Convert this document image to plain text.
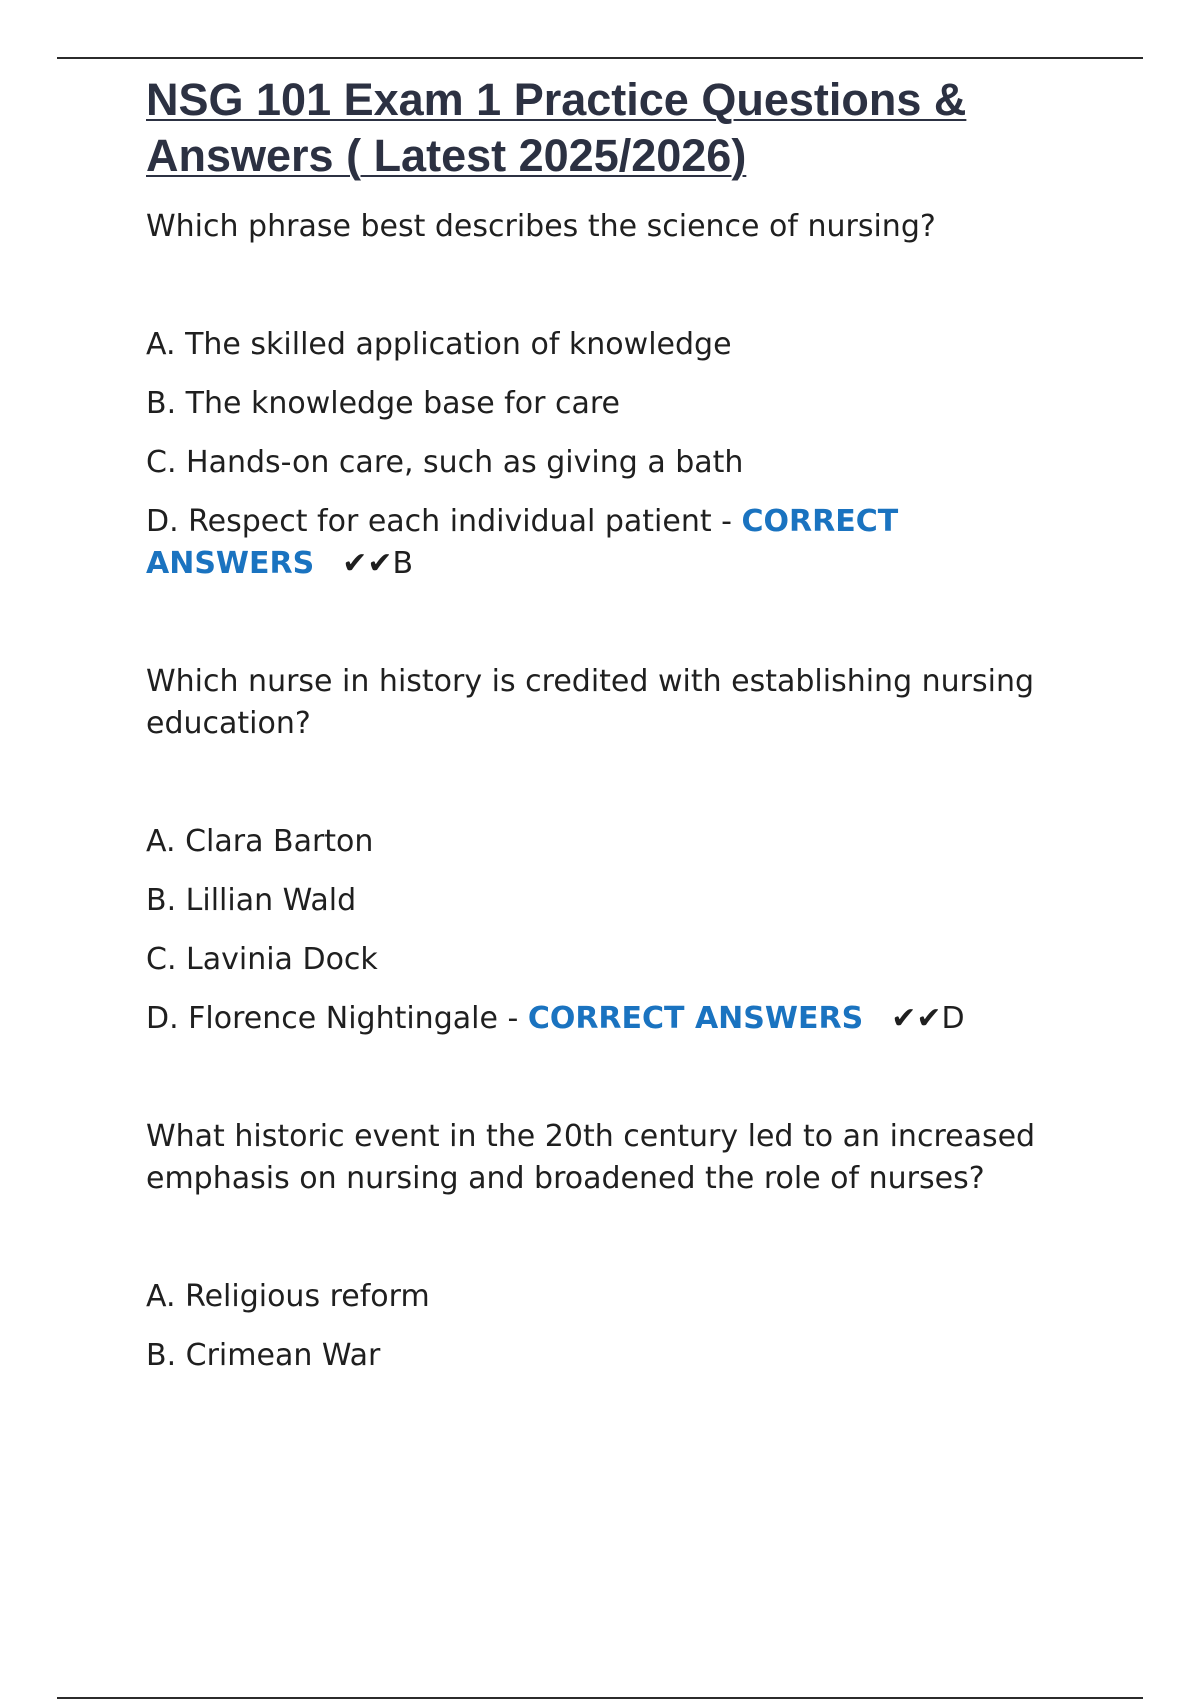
NSG 101 Exam 1 Practice Questions & Answers ( Latest 2025/2026)

Which phrase best describes the science of nursing?

A. The skilled application of knowledge

B. The knowledge base for care

C. Hands-on care, such as giving a bath

D. Respect for each individual patient - CORRECT ANSWERS ✔✔B

Which nurse in history is credited with establishing nursing education?

A. Clara Barton

B. Lillian Wald

C. Lavinia Dock

D. Florence Nightingale - CORRECT ANSWERS ✔✔D

What historic event in the 20th century led to an increased emphasis on nursing and broadened the role of nurses?

A. Religious reform

B. Crimean War
